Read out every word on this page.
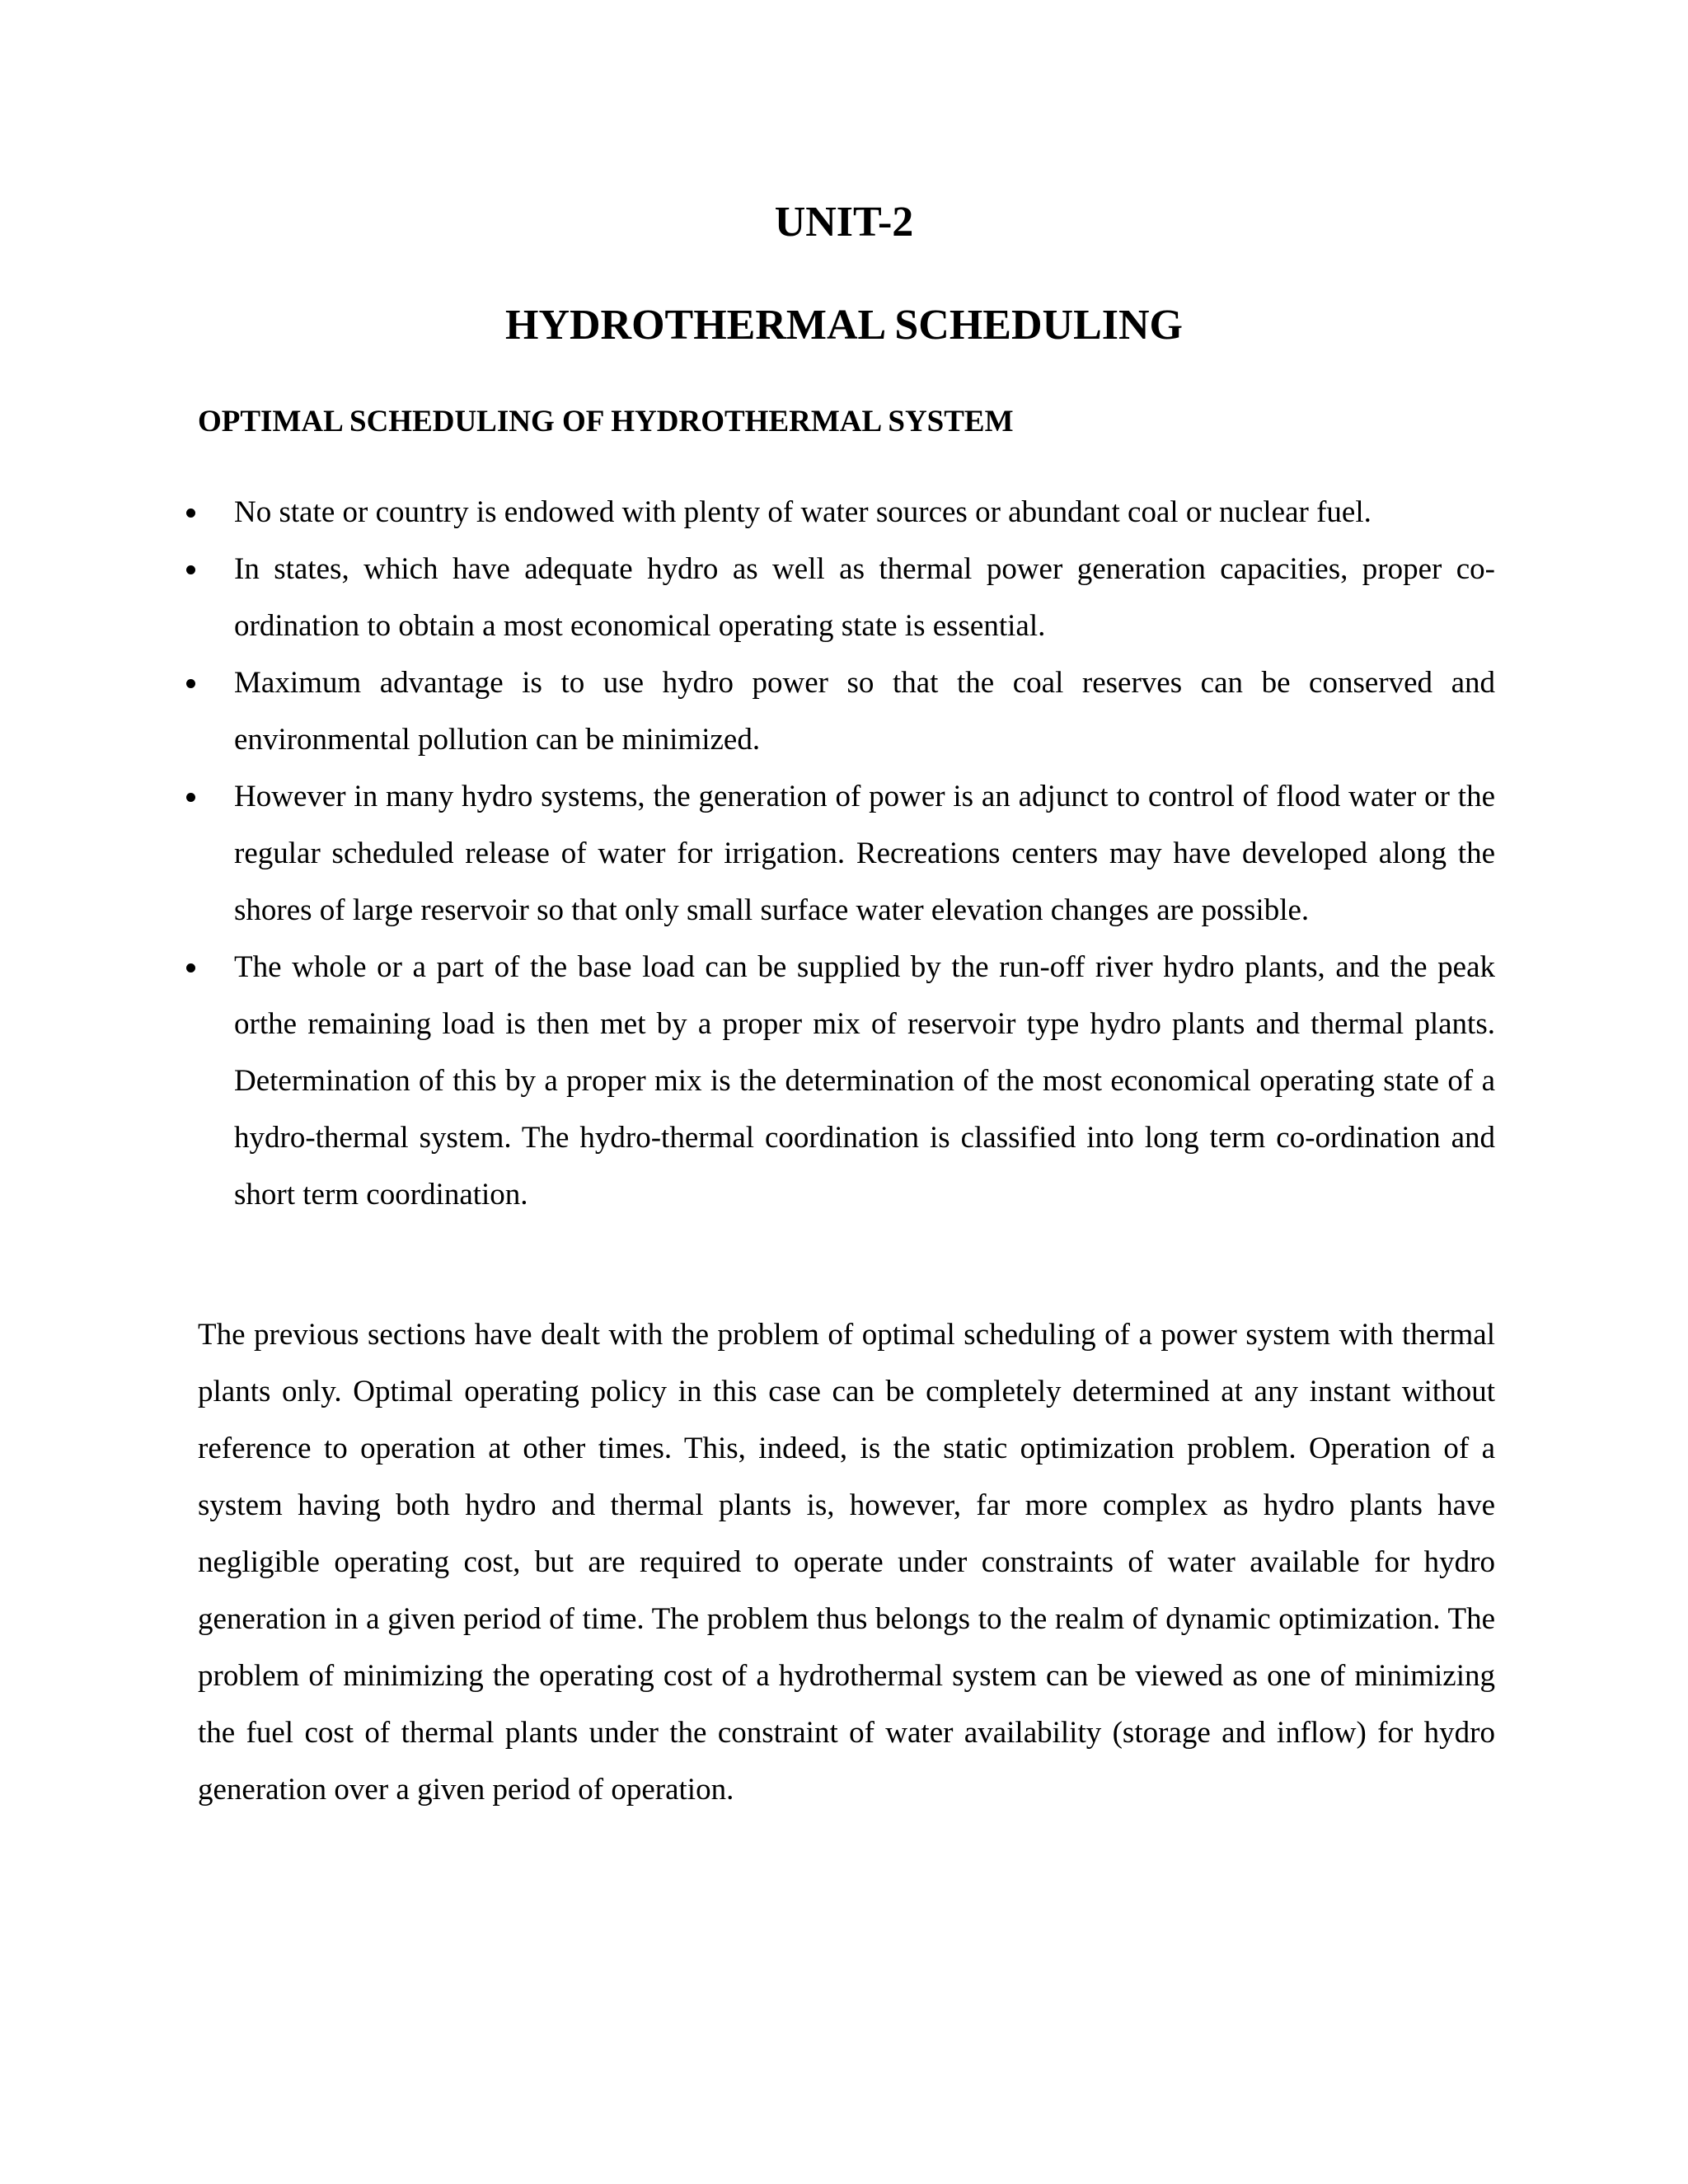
UNIT-2
HYDROTHERMAL SCHEDULING
OPTIMAL SCHEDULING OF HYDROTHERMAL SYSTEM
No state or country is endowed with plenty of water sources or abundant coal or nuclear fuel.
In states, which have adequate hydro as well as thermal power generation capacities, proper co-ordination to obtain a most economical operating state is essential.
Maximum advantage is to use hydro power so that the coal reserves can be conserved and environmental pollution can be minimized.
However in many hydro systems, the generation of power is an adjunct to control of flood water or the regular scheduled release of water for irrigation. Recreations centers may have developed along the shores of large reservoir so that only small surface water elevation changes are possible.
The whole or a part of the base load can be supplied by the run-off river hydro plants, and the peak orthe remaining load is then met by a proper mix of reservoir type hydro plants and thermal plants. Determination of this by a proper mix is the determination of the most economical operating state of a hydro-thermal system. The hydro-thermal coordination is classified into long term co-ordination and short term coordination.

The previous sections have dealt with the problem of optimal scheduling of a power system with thermal plants only. Optimal operating policy in this case can be completely determined at any instant without reference to operation at other times. This, indeed, is the static optimization problem. Operation of a system having both hydro and thermal plants is, however, far more complex as hydro plants have negligible operating cost, but are required to operate under constraints of water available for hydro generation in a given period of time. The problem thus belongs to the realm of dynamic optimization. The problem of minimizing the operating cost of a hydrothermal system can be viewed as one of minimizing the fuel cost of thermal plants under the constraint of water availability (storage and inflow) for hydro generation over a given period of operation.
